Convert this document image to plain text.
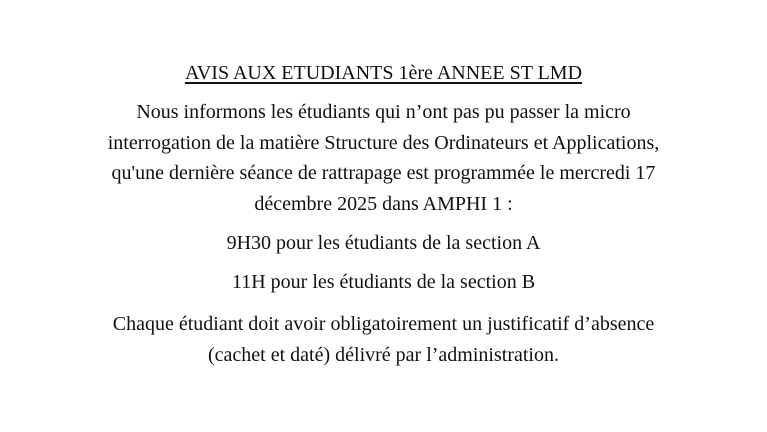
AVIS AUX ETUDIANTS 1ère ANNEE ST LMD

Nous informons les étudiants qui n’ont pas pu passer la micro
interrogation de la matière Structure des Ordinateurs et Applications,
qu'une dernière séance de rattrapage est programmée le mercredi 17
décembre 2025 dans AMPHI 1 :

9H30 pour les étudiants de la section A

11H pour les étudiants de la section B

Chaque étudiant doit avoir obligatoirement un justificatif d’absence
(cachet et daté) délivré par l’administration.
